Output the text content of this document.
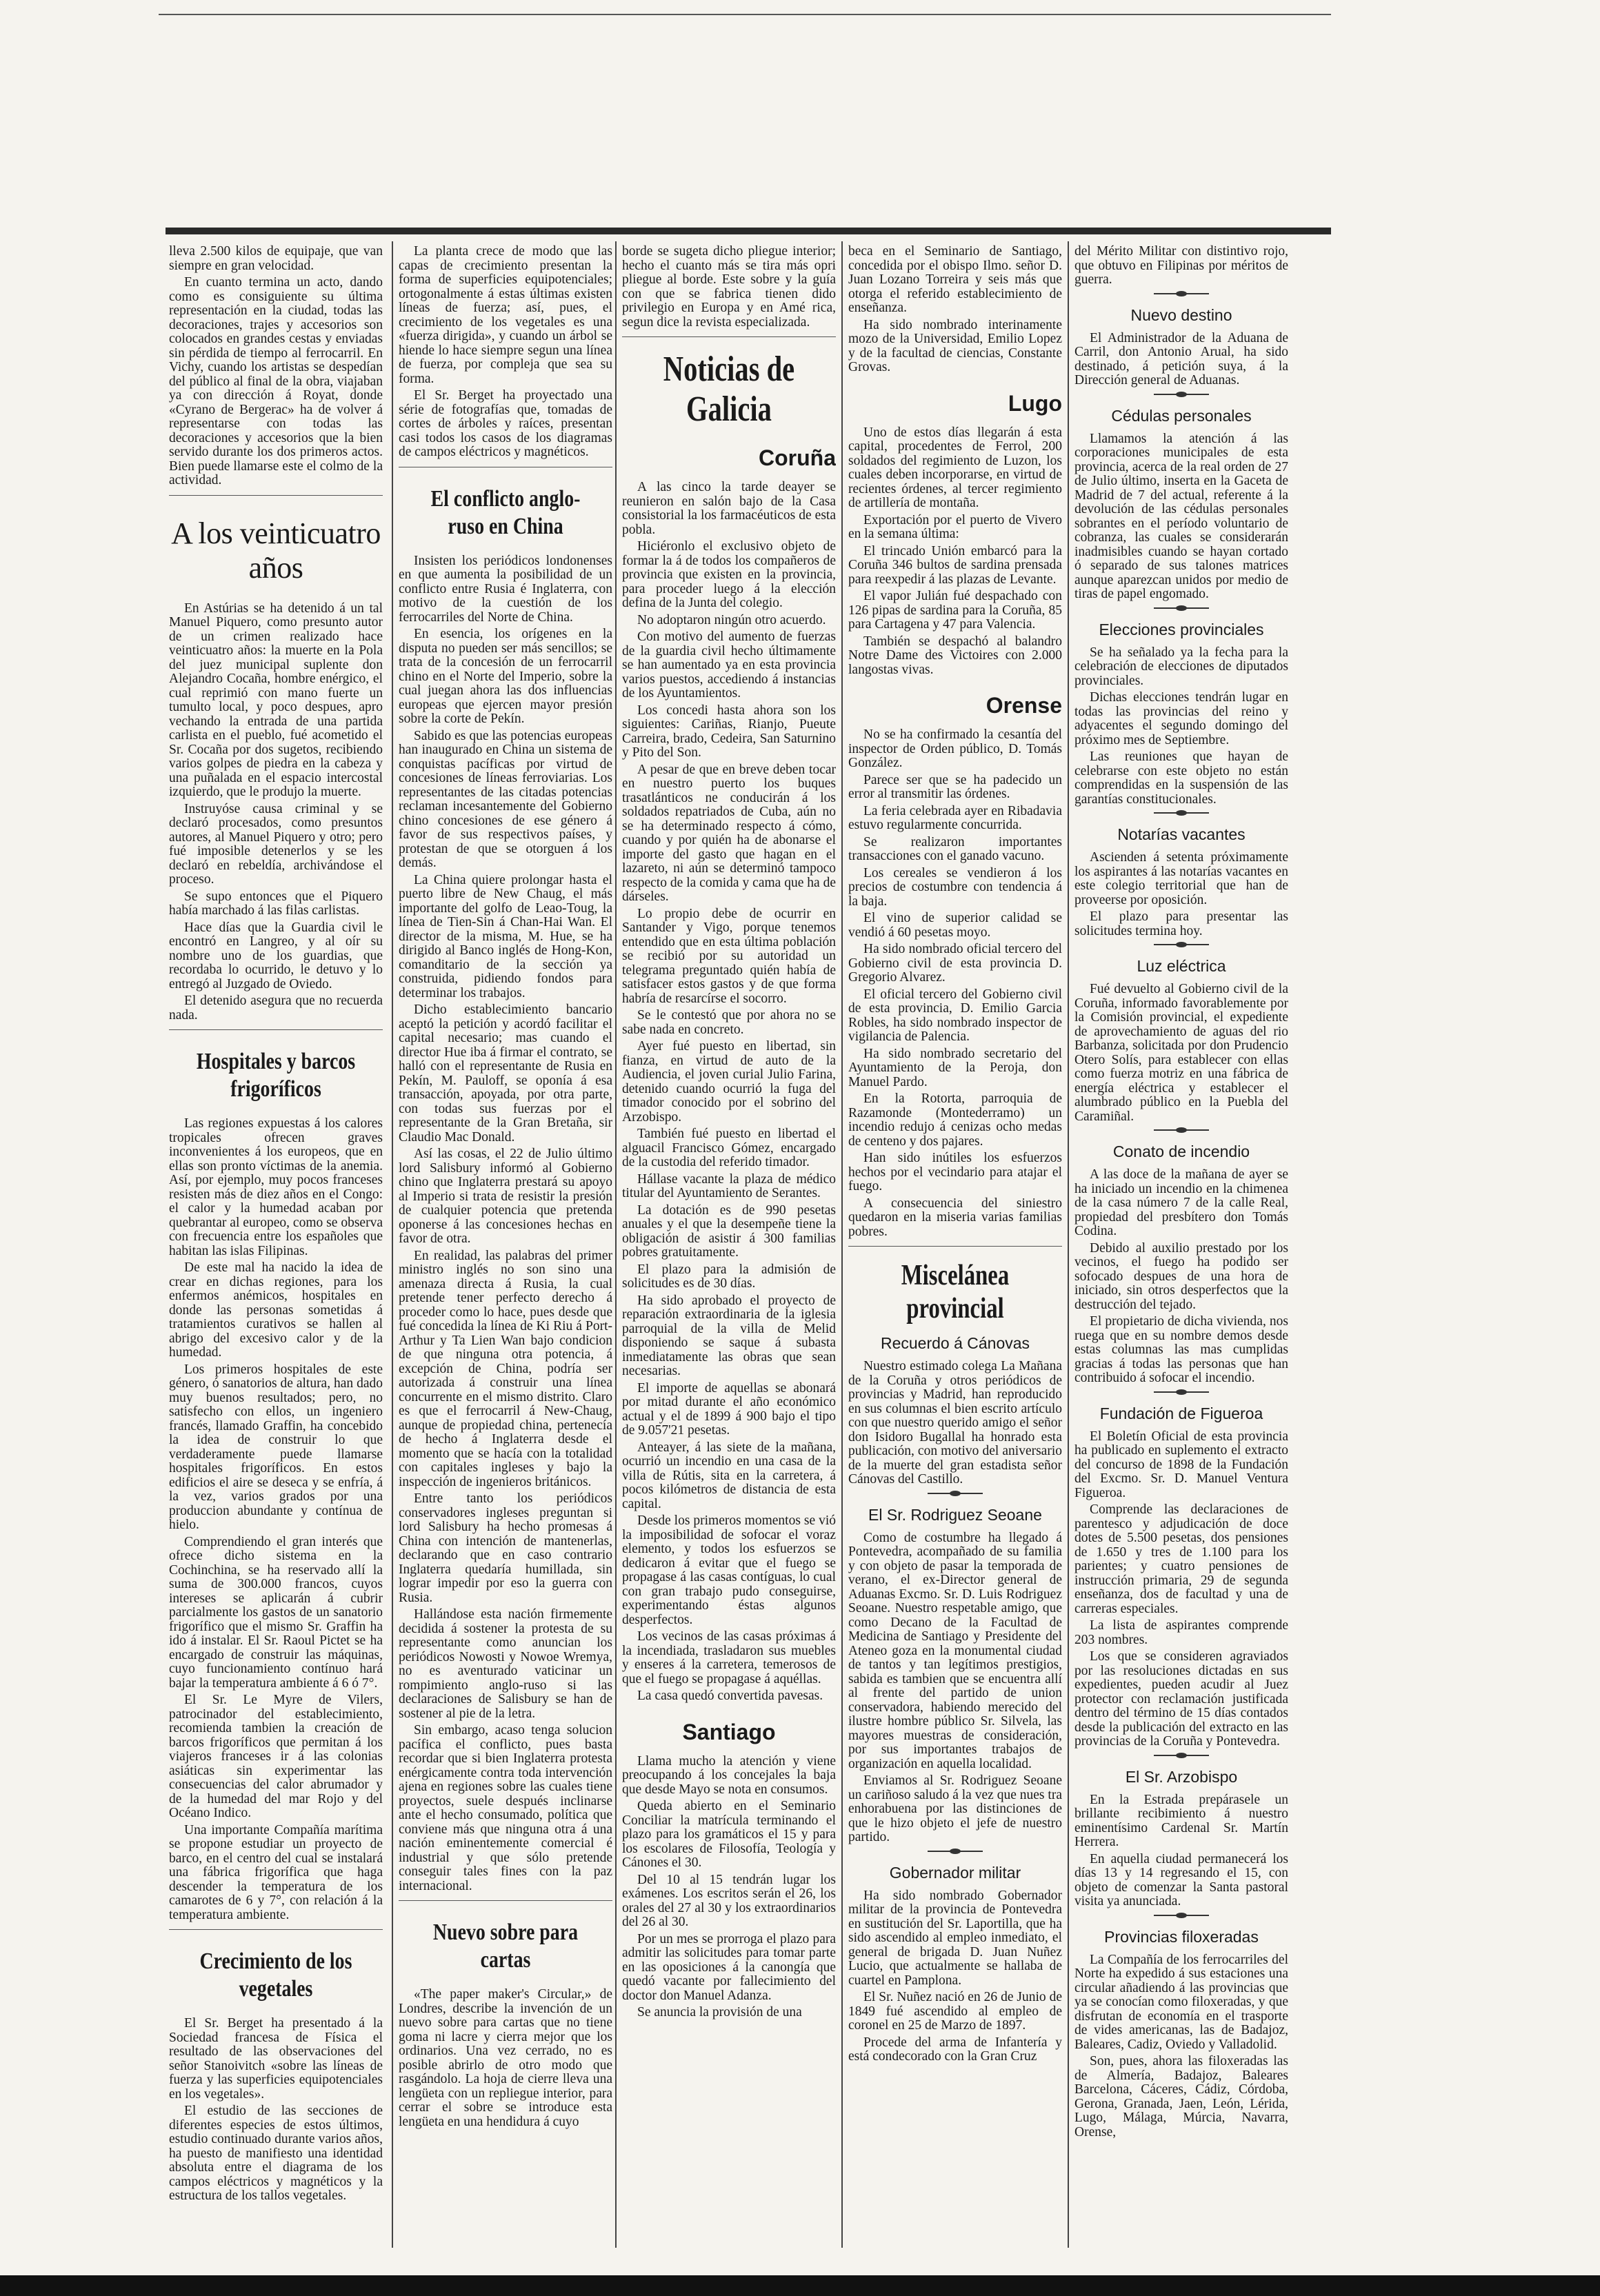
lleva 2.500 kilos de equipaje, que van siempre en gran velocidad.

En cuanto termina un acto, dando como es consiguiente su última representación en la ciudad, todas las decoraciones, trajes y accesorios son colocados en grandes cestas y enviadas sin pérdida de tiempo al ferrocarril. En Vichy, cuando los artistas se despedían del público al final de la obra, viajaban ya con dirección á Royat, donde «Cyrano de Bergerac» ha de volver á representarse con todas las decoraciones y accesorios que la bien servido durante los dos primeros actos. Bien puede llamarse este el colmo de la actividad.

A los veinticuatro años

En Astúrias se ha detenido á un tal Manuel Piquero, como presunto autor de un crimen realizado hace veinticuatro años: la muerte en la Pola del juez municipal suplente don Alejandro Cocaña, hombre enérgico, el cual reprimió con mano fuerte un tumulto local, y poco despues, apro vechando la entrada de una partida carlista en el pueblo, fué acometido el Sr. Cocaña por dos sugetos, recibiendo varios golpes de piedra en la cabeza y una puñalada en el espacio intercostal izquierdo, que le produjo la muerte.

Instruyóse causa criminal y se declaró procesados, como presuntos autores, al Manuel Piquero y otro; pero fué imposible detenerlos y se les declaró en rebeldía, archivándose el proceso.

Se supo entonces que el Piquero había marchado á las filas carlistas.

Hace días que la Guardia civil le encontró en Langreo, y al oír su nombre uno de los guardias, que recordaba lo ocurrido, le detuvo y lo entregó al Juzgado de Oviedo.

El detenido asegura que no recuerda nada.

Hospitales y barcos frigoríficos

Las regiones expuestas á los calores tropicales ofrecen graves inconvenientes á los europeos, que en ellas son pronto víctimas de la anemia. Así, por ejemplo, muy pocos franceses resisten más de diez años en el Congo: el calor y la humedad acaban por quebrantar al europeo, como se observa con frecuencia entre los españoles que habitan las islas Filipinas.

De este mal ha nacido la idea de crear en dichas regiones, para los enfermos anémicos, hospitales en donde las personas sometidas á tratamientos curativos se hallen al abrigo del excesivo calor y de la humedad.

Los primeros hospitales de este género, ó sanatorios de altura, han dado muy buenos resultados; pero, no satisfecho con ellos, un ingeniero francés, llamado Graffin, ha concebido la idea de construir lo que verdaderamente puede llamarse hospitales frigoríficos. En estos edificios el aire se deseca y se enfría, á la vez, varios grados por una produccion abundante y contínua de hielo.

Comprendiendo el gran interés que ofrece dicho sistema en la Cochinchina, se ha reservado allí la suma de 300.000 francos, cuyos intereses se aplicarán á cubrir parcialmente los gastos de un sanatorio frigorífico que el mismo Sr. Graffin ha ido á instalar. El Sr. Raoul Pictet se ha encargado de construir las máquinas, cuyo funcionamiento contínuo hará bajar la temperatura ambiente á 6 ó 7°.

El Sr. Le Myre de Vilers, patrocinador del establecimiento, recomienda tambien la creación de barcos frigoríficos que permitan á los viajeros franceses ir á las colonias asiáticas sin experimentar las consecuencias del calor abrumador y de la humedad del mar Rojo y del Océano Indico.

Una importante Compañía marítima se propone estudiar un proyecto de barco, en el centro del cual se instalará una fábrica frigorífica que haga descender la temperatura de los camarotes de 6 y 7°, con relación á la temperatura ambiente.

Crecimiento de los vegetales

El Sr. Berget ha presentado á la Sociedad francesa de Física el resultado de las observaciones del señor Stanoivitch «sobre las líneas de fuerza y las superficies equipotenciales en los vegetales».

El estudio de las secciones de diferentes especies de estos últimos, estudio continuado durante varios años, ha puesto de manifiesto una identidad absoluta entre el diagrama de los campos eléctricos y magnéticos y la estructura de los tallos vegetales.

La planta crece de modo que las capas de crecimiento presentan la forma de superficies equipotenciales; ortogonalmente á estas últimas existen líneas de fuerza; así, pues, el crecimiento de los vegetales es una «fuerza dirigida», y cuando un árbol se hiende lo hace siempre segun una línea de fuerza, por compleja que sea su forma.

El Sr. Berget ha proyectado una série de fotografías que, tomadas de cortes de árboles y raíces, presentan casi todos los casos de los diagramas de campos eléctricos y magnéticos.

El conflicto anglo-ruso en China

Insisten los periódicos londonenses en que aumenta la posibilidad de un conflicto entre Rusia é Inglaterra, con motivo de la cuestión de los ferrocarriles del Norte de China.

En esencia, los orígenes en la disputa no pueden ser más sencillos; se trata de la concesión de un ferrocarril chino en el Norte del Imperio, sobre la cual juegan ahora las dos influencias europeas que ejercen mayor presión sobre la corte de Pekín.

Sabido es que las potencias europeas han inaugurado en China un sistema de conquistas pacíficas por virtud de concesiones de líneas ferroviarias. Los representantes de las citadas potencias reclaman incesantemente del Gobierno chino concesiones de ese género á favor de sus respectivos países, y protestan de que se otorguen á los demás.

La China quiere prolongar hasta el puerto libre de New Chaug, el más importante del golfo de Leao-Toug, la línea de Tien-Sin á Chan-Hai Wan. El director de la misma, M. Hue, se ha dirigido al Banco inglés de Hong-Kon, comanditario de la sección ya construida, pidiendo fondos para determinar los trabajos.

Dicho establecimiento bancario aceptó la petición y acordó facilitar el capital necesario; mas cuando el director Hue iba á firmar el contrato, se halló con el representante de Rusia en Pekín, M. Pauloff, se oponía á esa transacción, apoyada, por otra parte, con todas sus fuerzas por el representante de la Gran Bretaña, sir Claudio Mac Donald.

Así las cosas, el 22 de Julio último lord Salisbury informó al Gobierno chino que Inglaterra prestará su apoyo al Imperio si trata de resistir la presión de cualquier potencia que pretenda oponerse á las concesiones hechas en favor de otra.

En realidad, las palabras del primer ministro inglés no son sino una amenaza directa á Rusia, la cual pretende tener perfecto derecho á proceder como lo hace, pues desde que fué concedida la línea de Ki Riu á Port-Arthur y Ta Lien Wan bajo condicion de que ninguna otra potencia, á excepción de China, podría ser autorizada á construir una línea concurrente en el mismo distrito. Claro es que el ferrocarril á New-Chaug, aunque de propiedad china, pertenecía de hecho á Inglaterra desde el momento que se hacía con la totalidad con capitales ingleses y bajo la inspección de ingenieros británicos.

Entre tanto los periódicos conservadores ingleses preguntan si lord Salisbury ha hecho promesas á China con intención de mantenerlas, declarando que en caso contrario Inglaterra quedaría humillada, sin lograr impedir por eso la guerra con Rusia.

Hallándose esta nación firmemente decidida á sostener la protesta de su representante como anuncian los periódicos Nowosti y Nowoe Wremya, no es aventurado vaticinar un rompimiento anglo-ruso si las declaraciones de Salisbury se han de sostener al pie de la letra.

Sin embargo, acaso tenga solucion pacífica el conflicto, pues basta recordar que si bien Inglaterra protesta enérgicamente contra toda intervención ajena en regiones sobre las cuales tiene proyectos, suele después inclinarse ante el hecho consumado, política que conviene más que ninguna otra á una nación eminentemente comercial é industrial y que sólo pretende conseguir tales fines con la paz internacional.

Nuevo sobre para cartas

«The paper maker's Circular,» de Londres, describe la invención de un nuevo sobre para cartas que no tiene goma ni lacre y cierra mejor que los ordinarios. Una vez cerrado, no es posible abrirlo de otro modo que rasgándolo. La hoja de cierre lleva una lengüeta con un repliegue interior, para cerrar el sobre se introduce esta lengüeta en una hendidura á cuyo

borde se sugeta dicho pliegue interior; hecho el cuanto más se tira más opri pliegue al borde. Este sobre y la guía con que se fabrica tienen dido privilegio en Europa y en Amé rica, segun dice la revista especializada.

Noticias de Galicia
Coruña

A las cinco la tarde deayer se reunieron en salón bajo de la Casa consistorial la los farmacéuticos de esta pobla.

Hiciéronlo el exclusivo objeto de formar la á de todos los compañeros de provincia que existen en la provincia, para proceder luego á la elección defina de la Junta del colegio.

No adoptaron ningún otro acuerdo.

Con motivo del aumento de fuerzas de la guardia civil hecho últimamente se han aumentado ya en esta provincia varios puestos, accediendo á instancias de los Ayuntamientos.

Los concedi hasta ahora son los siguientes: Cariñas, Rianjo, Pueute Carreira, brado, Cedeira, San Saturnino y Pito del Son.

A pesar de que en breve deben tocar en nuestro puerto los buques trasatlánticos ne conducirán á los soldados repatriados de Cuba, aún no se ha determinado respecto á cómo, cuando y por quién ha de abonarse el importe del gasto que hagan en el lazareto, ni aún se determinó tampoco respecto de la comida y cama que ha de dárseles.

Lo propio debe de ocurrir en Santander y Vigo, porque tenemos entendido que en esta última población se recibió por su autoridad un telegrama preguntado quién había de satisfacer estos gastos y de que forma habría de resarcírse el socorro.

Se le contestó que por ahora no se sabe nada en concreto.

Ayer fué puesto en libertad, sin fianza, en virtud de auto de la Audiencia, el joven curial Julio Farina, detenido cuando ocurrió la fuga del timador conocido por el sobrino del Arzobispo.

También fué puesto en libertad el alguacil Francisco Gómez, encargado de la custodia del referido timador.

Hállase vacante la plaza de médico titular del Ayuntamiento de Serantes.

La dotación es de 990 pesetas anuales y el que la desempeñe tiene la obligación de asistir á 300 familias pobres gratuitamente.

El plazo para la admisión de solicitudes es de 30 días.

Ha sido aprobado el proyecto de reparación extraordinaria de la iglesia parroquial de la villa de Melid disponiendo se saque á subasta inmediatamente las obras que sean necesarias.

El importe de aquellas se abonará por mitad durante el año económico actual y el de 1899 á 900 bajo el tipo de 9.057'21 pesetas.

Anteayer, á las siete de la mañana, ocurrió un incendio en una casa de la villa de Rútis, sita en la carretera, á pocos kilómetros de distancia de esta capital.

Desde los primeros momentos se vió la imposibilidad de sofocar el voraz elemento, y todos los esfuerzos se dedicaron á evitar que el fuego se propagase á las casas contíguas, lo cual con gran trabajo pudo conseguirse, experimentando éstas algunos desperfectos.

Los vecinos de las casas próximas á la incendiada, trasladaron sus muebles y enseres á la carretera, temerosos de que el fuego se propagase á aquéllas.

La casa quedó convertida pavesas.

Santiago

Llama mucho la atención y viene preocupando á los concejales la baja que desde Mayo se nota en consumos.

Queda abierto en el Seminario Conciliar la matrícula terminando el plazo para los gramáticos el 15 y para los escolares de Filosofía, Teología y Cánones el 30.

Del 10 al 15 tendrán lugar los exámenes. Los escritos serán el 26, los orales del 27 al 30 y los extraordinarios del 26 al 30.

Por un mes se prorroga el plazo para admitir las solicitudes para tomar parte en las oposiciones á la canongía que quedó vacante por fallecimiento del doctor don Manuel Adanza.

Se anuncia la provisión de una

beca en el Seminario de Santiago, concedida por el obispo Ilmo. señor D. Juan Lozano Torreira y seis más que otorga el referido establecimiento de enseñanza.

Ha sido nombrado interinamente mozo de la Universidad, Emilio Lopez y de la facultad de ciencias, Constante Grovas.

Lugo

Uno de estos días llegarán á esta capital, procedentes de Ferrol, 200 soldados del regimiento de Luzon, los cuales deben incorporarse, en virtud de recientes órdenes, al tercer regimiento de artillería de montaña.

Exportación por el puerto de Vivero en la semana última:

El trincado Unión embarcó para la Coruña 346 bultos de sardina prensada para reexpedir á las plazas de Levante.

El vapor Julián fué despachado con 126 pipas de sardina para la Coruña, 85 para Cartagena y 47 para Valencia.

También se despachó al balandro Notre Dame des Victoires con 2.000 langostas vivas.

Orense

No se ha confirmado la cesantía del inspector de Orden público, D. Tomás González.

Parece ser que se ha padecido un error al transmitir las órdenes.

La feria celebrada ayer en Ribadavia estuvo regularmente concurrida.

Se realizaron importantes transacciones con el ganado vacuno.

Los cereales se vendieron á los precios de costumbre con tendencia á la baja.

El vino de superior calidad se vendió á 60 pesetas moyo.

Ha sido nombrado oficial tercero del Gobierno civil de esta provincia D. Gregorio Alvarez.

El oficial tercero del Gobierno civil de esta provincia, D. Emilio Garcia Robles, ha sido nombrado inspector de vigilancia de Palencia.

Ha sido nombrado secretario del Ayuntamiento de la Peroja, don Manuel Pardo.

En la Rotorta, parroquia de Razamonde (Montederramo) un incendio redujo á cenizas ocho medas de centeno y dos pajares.

Han sido inútiles los esfuerzos hechos por el vecindario para atajar el fuego.

A consecuencia del siniestro quedaron en la miseria varias familias pobres.

Miscelánea provincial
Recuerdo á Cánovas

Nuestro estimado colega La Mañana de la Coruña y otros periódicos de provincias y Madrid, han reproducido en sus columnas el bien escrito artículo con que nuestro querido amigo el señor don Isidoro Bugallal ha honrado esta publicación, con motivo del aniversario de la muerte del gran estadista señor Cánovas del Castillo.

El Sr. Rodriguez Seoane

Como de costumbre ha llegado á Pontevedra, acompañado de su familia y con objeto de pasar la temporada de verano, el ex-Director general de Aduanas Excmo. Sr. D. Luis Rodriguez Seoane. Nuestro respetable amigo, que como Decano de la Facultad de Medicina de Santiago y Presidente del Ateneo goza en la monumental ciudad de tantos y tan legítimos prestigios, sabida es tambien que se encuentra allí al frente del partido de union conservadora, habiendo merecido del ilustre hombre público Sr. Silvela, las mayores muestras de consideración, por sus importantes trabajos de organización en aquella localidad.

Enviamos al Sr. Rodriguez Seoane un cariñoso saludo á la vez que nues tra enhorabuena por las distinciones de que le hizo objeto el jefe de nuestro partido.

Gobernador militar

Ha sido nombrado Gobernador militar de la provincia de Pontevedra en sustitución del Sr. Laportilla, que ha sido ascendido al empleo inmediato, el general de brigada D. Juan Nuñez Lucio, que actualmente se hallaba de cuartel en Pamplona.

El Sr. Nuñez nació en 26 de Junio de 1849 fué ascendido al empleo de coronel en 25 de Marzo de 1897.

Procede del arma de Infantería y está condecorado con la Gran Cruz

del Mérito Militar con distintivo rojo, que obtuvo en Filipinas por méritos de guerra.

Nuevo destino

El Administrador de la Aduana de Carril, don Antonio Arual, ha sido destinado, á petición suya, á la Dirección general de Aduanas.

Cédulas personales

Llamamos la atención á las corporaciones municipales de esta provincia, acerca de la real orden de 27 de Julio último, inserta en la Gaceta de Madrid de 7 del actual, referente á la devolución de las cédulas personales sobrantes en el período voluntario de cobranza, las cuales se considerarán inadmisibles cuando se hayan cortado ó separado de sus talones matrices aunque aparezcan unidos por medio de tiras de papel engomado.

Elecciones provinciales

Se ha señalado ya la fecha para la celebración de elecciones de diputados provinciales.

Dichas elecciones tendrán lugar en todas las provincias del reino y adyacentes el segundo domingo del próximo mes de Septiembre.

Las reuniones que hayan de celebrarse con este objeto no están comprendidas en la suspensión de las garantías constitucionales.

Notarías vacantes

Ascienden á setenta próximamente los aspirantes á las notarías vacantes en este colegio territorial que han de proveerse por oposición.

El plazo para presentar las solicitudes termina hoy.

Luz eléctrica

Fué devuelto al Gobierno civil de la Coruña, informado favorablemente por la Comisión provincial, el expediente de aprovechamiento de aguas del rio Barbanza, solicitada por don Prudencio Otero Solís, para establecer con ellas como fuerza motriz en una fábrica de energía eléctrica y establecer el alumbrado público en la Puebla del Caramiñal.

Conato de incendio

A las doce de la mañana de ayer se ha iniciado un incendio en la chimenea de la casa número 7 de la calle Real, propiedad del presbítero don Tomás Codina.

Debido al auxilio prestado por los vecinos, el fuego ha podido ser sofocado despues de una hora de iniciado, sin otros desperfectos que la destrucción del tejado.

El propietario de dicha vivienda, nos ruega que en su nombre demos desde estas columnas las mas cumplidas gracias á todas las personas que han contribuido á sofocar el incendio.

Fundación de Figueroa

El Boletín Oficial de esta provincia ha publicado en suplemento el extracto del concurso de 1898 de la Fundación del Excmo. Sr. D. Manuel Ventura Figueroa.

Comprende las declaraciones de parentesco y adjudicación de doce dotes de 5.500 pesetas, dos pensiones de 1.650 y tres de 1.100 para los parientes; y cuatro pensiones de instrucción primaria, 29 de segunda enseñanza, dos de facultad y una de carreras especiales.

La lista de aspirantes comprende 203 nombres.

Los que se consideren agraviados por las resoluciones dictadas en sus expedientes, pueden acudir al Juez protector con reclamación justificada dentro del término de 15 días contados desde la publicación del extracto en las provincias de la Coruña y Pontevedra.

El Sr. Arzobispo

En la Estrada prepárasele un brillante recibimiento á nuestro eminentísimo Cardenal Sr. Martín Herrera.

En aquella ciudad permanecerá los días 13 y 14 regresando el 15, con objeto de comenzar la Santa pastoral visita ya anunciada.

Provincias filoxeradas

La Compañía de los ferrocarriles del Norte ha expedido á sus estaciones una circular añadiendo á las provincias que ya se conocían como filoxeradas, y que disfrutan de economía en el trasporte de vides americanas, las de Badajoz, Baleares, Cadiz, Oviedo y Valladolid.

Son, pues, ahora las filoxeradas las de Almería, Badajoz, Baleares Barcelona, Cáceres, Cádiz, Córdoba, Gerona, Granada, Jaen, León, Lérida, Lugo, Málaga, Múrcia, Navarra, Orense,
